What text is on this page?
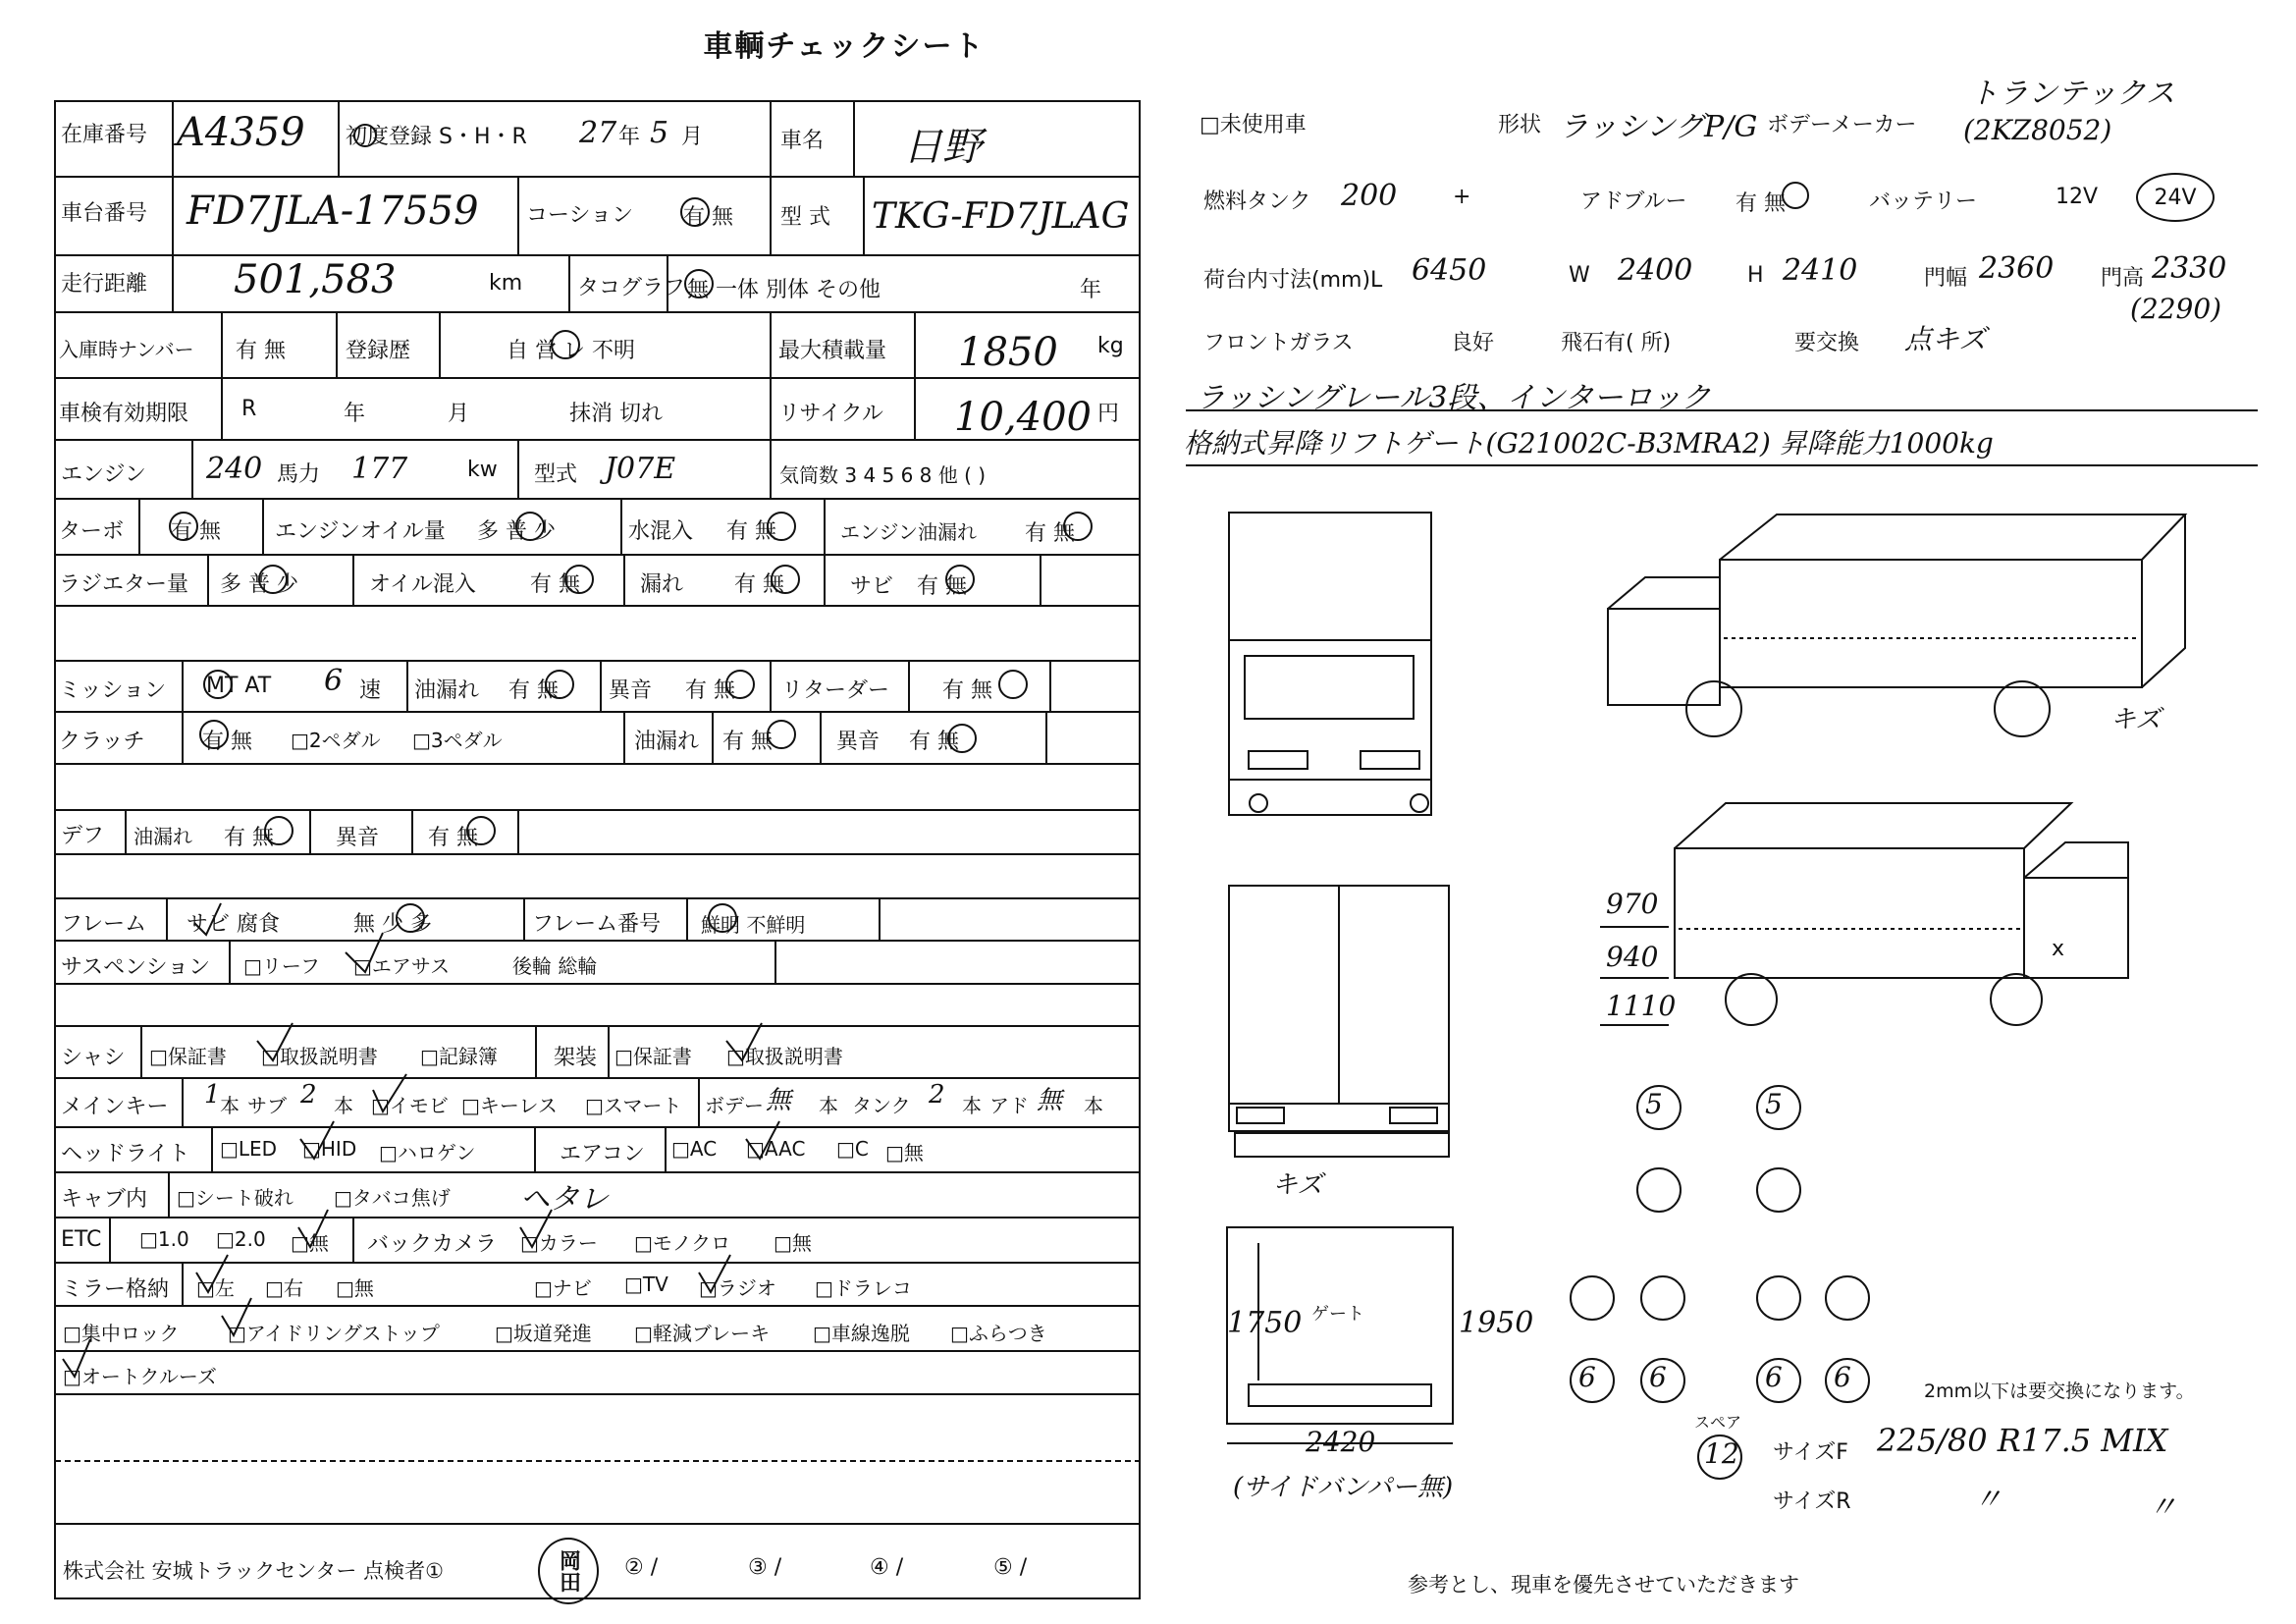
車輌チェックシート
在庫番号 A4359 初度登録 S・H・R 27 年 5 月	車名 日野
車台番号 FD7JLA-17559 コーション 有 無 型 式 TKG-FD7JLAG
走行距離 501,583	km	タコグラフ 無 一体 別体 その他	年
入庫時ナンバー 有 無	登録歴	自 営 レ 不明	最大積載量 1850 kg
車検有効期限 R	年	月	抹消 切れ	リサイクル 10,400 円
エンジン 240 馬力 177	kw 型式 J07E	気筒数 3 4 5 6 8 他 ( )
ターボ 有 無	エンジンオイル量 多 普 少	水混入 有 無	エンジン油漏れ 有 無
ラジエター量 多 普 少	オイル混入	有 無	漏れ 有 無	サビ 有 無
ミッション MT AT 6 速 油漏れ 有 無 異音 有 無 リターダー 有 無
クラッチ	有 無 □2ペダル □3ペダル	油漏れ 有 無	異音 有 無
デフ 油漏れ 有 無	異音 有 無
フレーム サビ 腐食	無 少 多	フレーム番号 鮮明 不鮮明
サスペンション □リーフ □エアサス	後輪 総輪
シャシ □保証書 □取扱説明書 □記録簿	架装 □保証書 □取扱説明書
メインキー 1 本 サブ 2 本 □イモビ □キーレス □スマート ボデー 無 本 タンク 2 本 アド 無 本
ヘッドライト □LED □HID □ハロゲン	エアコン □AC □AAC □C □無
キャブ内 □シート破れ □タバコ焦げ ヘタレ
ETC □1.0 □2.0 □無 バックカメラ □カラー □モノクロ □無
ミラー格納 □左 □右 □無	□ナビ □TV □ラジオ □ドラレコ
□集中ロック □アイドリングストップ	□坂道発進 □軽減ブレーキ □車線逸脱 □ふらつき
□オートクルーズ
株式会社 安城トラックセンター 点検者①	岡田	② /	③ /	④ /	⑤ /
□未使用車	形状 ラッシングP/G ボデーメーカー
トランテックス
(2KZ8052)
燃料タンク 200	+	アドブルー 有 無	バッテリー	12V	24V
荷台内寸法(mm)L 6450	W 2400	H 2410	門幅 2360 門高 2330
(2290)
フロントガラス	良好	飛石有( 所)	要交換 点キズ
ラッシングレール3段、インターロック
格納式昇降リフトゲート(G21002C-B3MRA2) 昇降能力1000kg
キズ
キズ
x
970
940
1110
1750 ゲート	1950
2420
(サイドバンパー無)
5	5
6 6	6 6
スペア
12
2mm以下は要交換になります。
サイズF 225/80 R17.5 MIX
サイズR	〃	〃
参考とし、現車を優先させていただきます
